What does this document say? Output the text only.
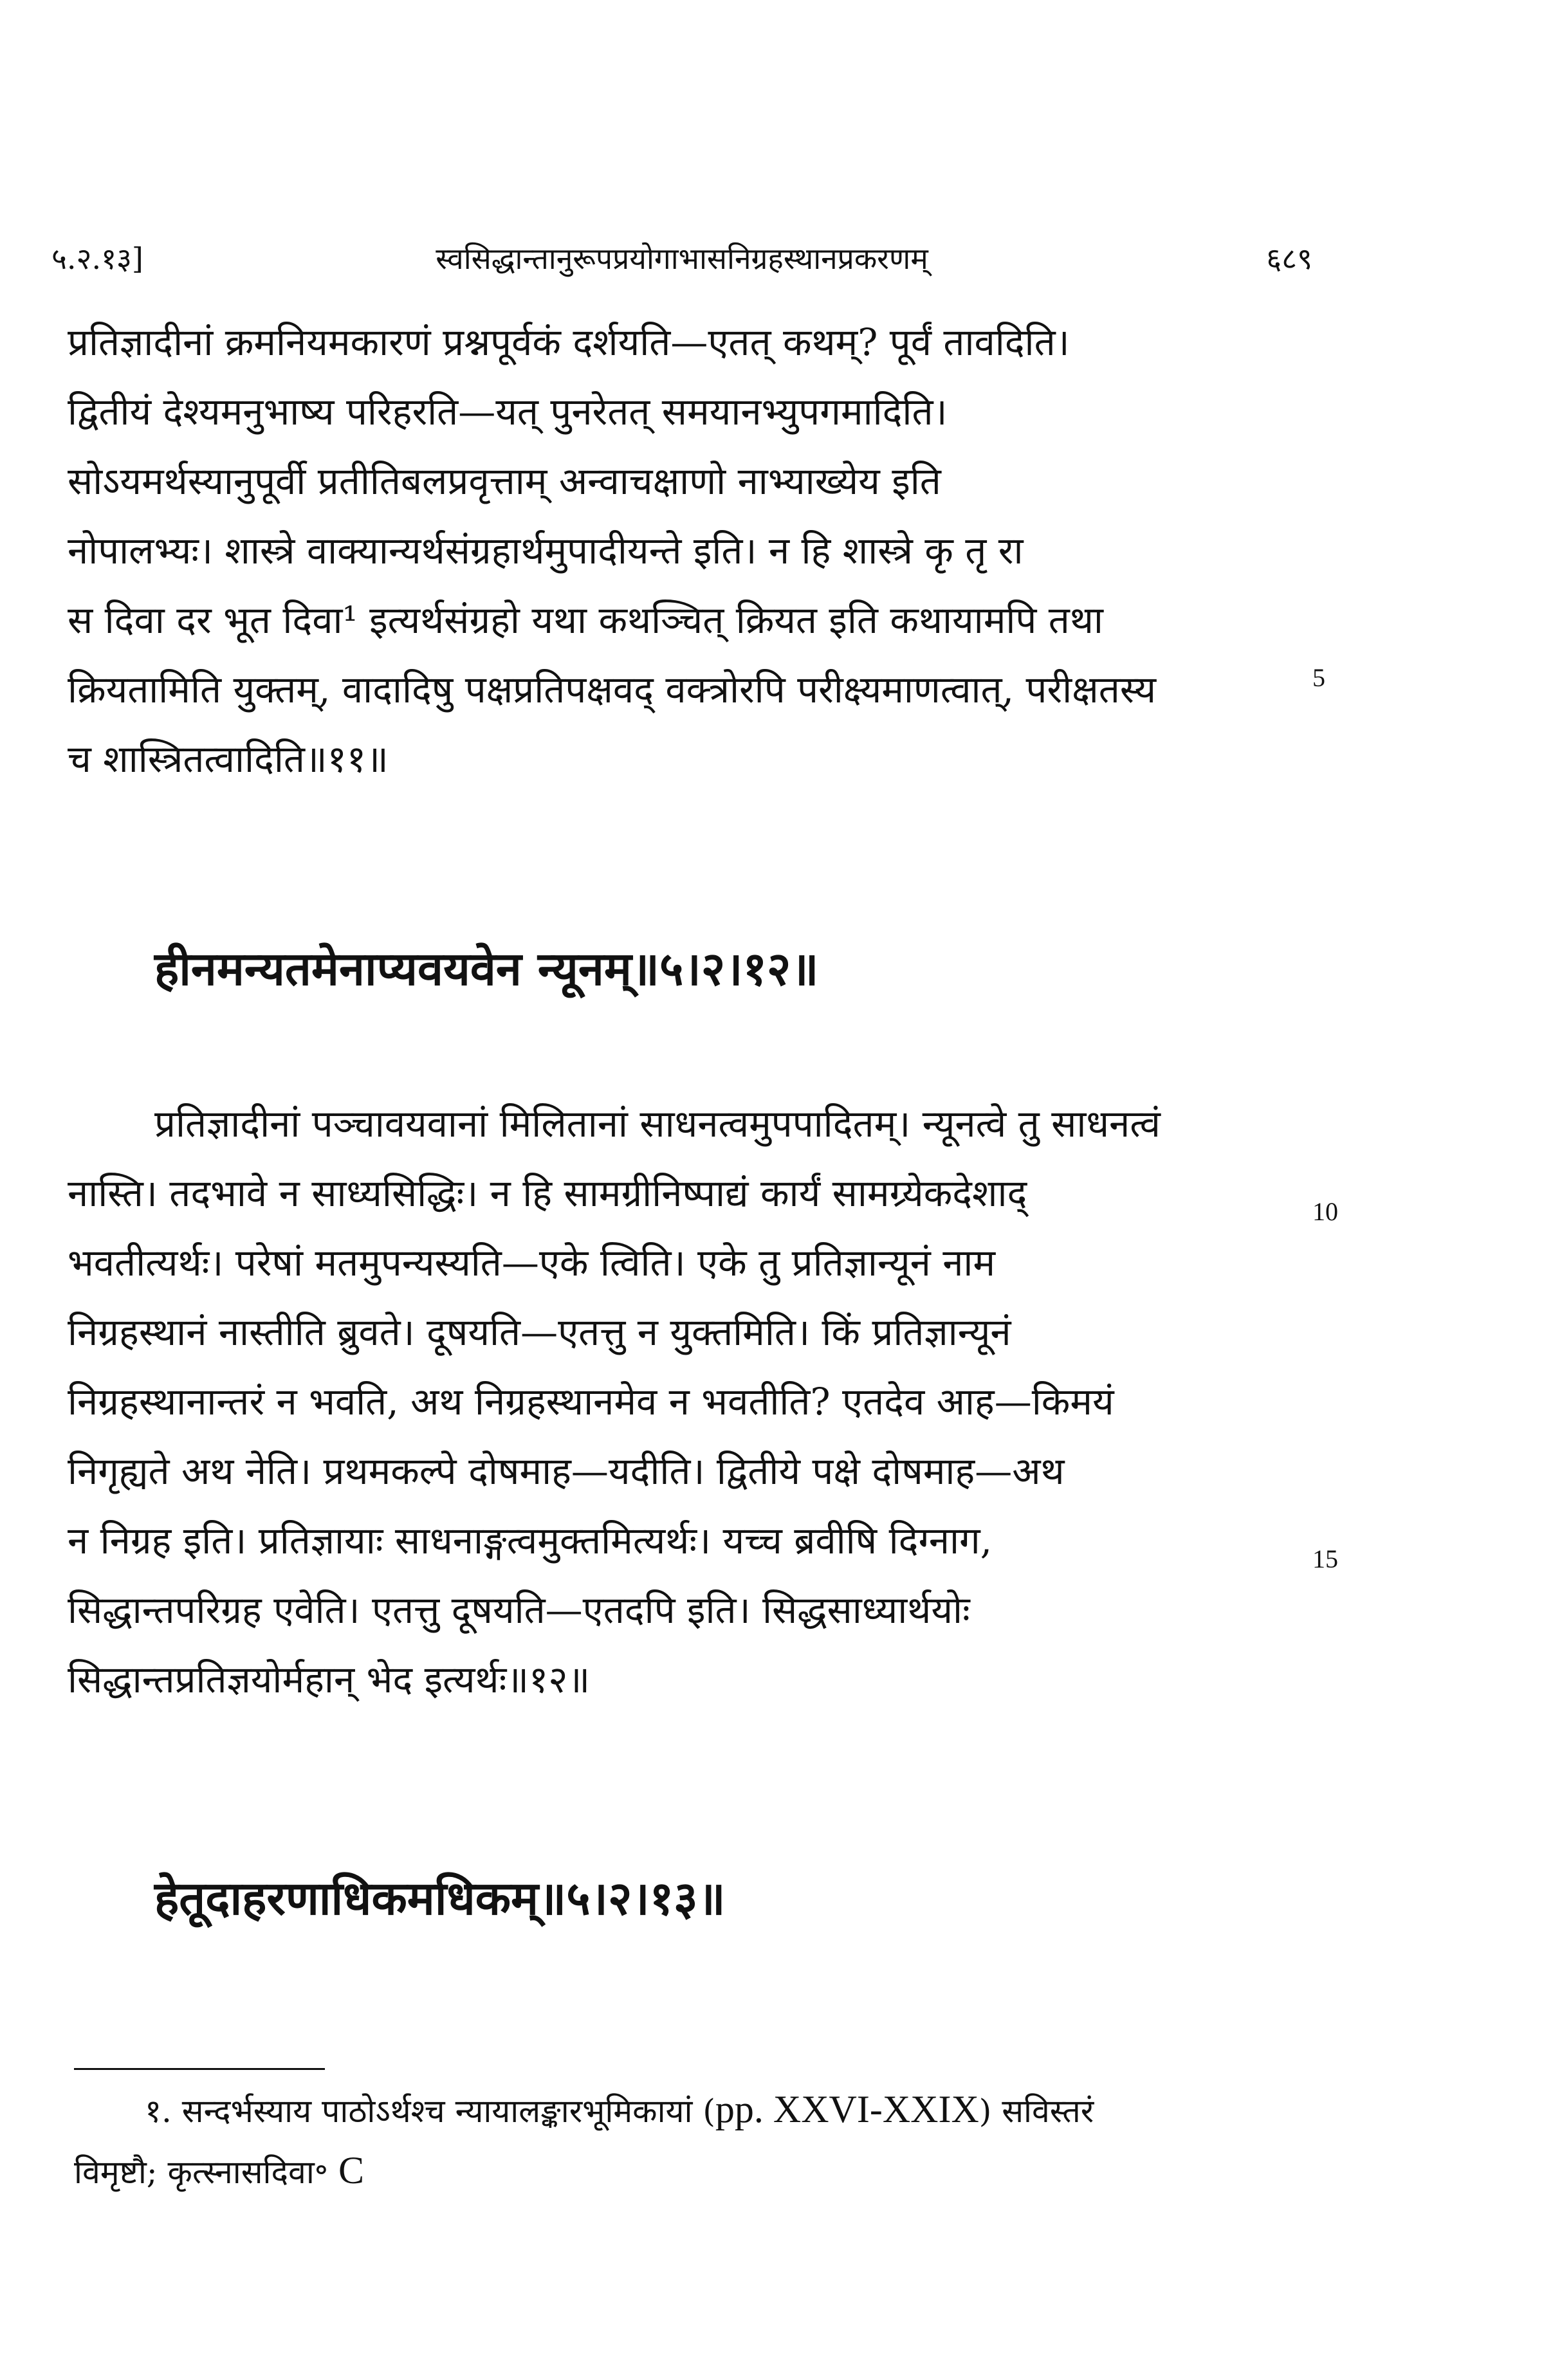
५.२.१३]	स्वसिद्धान्तानुरूपप्रयोगाभासनिग्रहस्थानप्रकरणम्	६८९
प्रतिज्ञादीनां क्रमनियमकारणं प्रश्नपूर्वकं दर्शयति—एतत् कथम्? पूर्वं तावदिति।
द्वितीयं देश्यमनुभाष्य परिहरति—यत् पुनरेतत् समयानभ्युपगमादिति।
सोऽयमर्थस्यानुपूर्वी प्रतीतिबलप्रवृत्ताम् अन्वाचक्षाणो नाभ्याख्येय इति
नोपालभ्यः। शास्त्रे वाक्यान्यर्थसंग्रहार्थमुपादीयन्ते इति। न हि शास्त्रे कृ तृ रा
स दिवा दर भूत दिवा¹ इत्यर्थसंग्रहो यथा कथञ्चित् क्रियत इति कथायामपि तथा
क्रियतामिति युक्तम्, वादादिषु पक्षप्रतिपक्षवद् वक्त्रोरपि परीक्ष्यमाणत्वात्, परीक्षतस्य
च शास्त्रितत्वादिति॥११॥
5
हीनमन्यतमेनाप्यवयवेन न्यूनम्॥५।२।१२॥
प्रतिज्ञादीनां पञ्चावयवानां मिलितानां साधनत्वमुपपादितम्। न्यूनत्वे तु साधनत्वं
नास्ति। तदभावे न साध्यसिद्धिः। न हि सामग्रीनिष्पाद्यं कार्यं सामग्र्येकदेशाद्
भवतीत्यर्थः। परेषां मतमुपन्यस्यति—एके त्विति। एके तु प्रतिज्ञान्यूनं नाम
निग्रहस्थानं नास्तीति ब्रुवते। दूषयति—एतत्तु न युक्तमिति। किं प्रतिज्ञान्यूनं
निग्रहस्थानान्तरं न भवति, अथ निग्रहस्थानमेव न भवतीति? एतदेव आह—किमयं
निगृह्यते अथ नेति। प्रथमकल्पे दोषमाह—यदीति। द्वितीये पक्षे दोषमाह—अथ
न निग्रह इति। प्रतिज्ञायाः साधनाङ्गत्वमुक्तमित्यर्थः। यच्च ब्रवीषि दिग्नाग,
सिद्धान्तपरिग्रह एवेति। एतत्तु दूषयति—एतदपि इति। सिद्धसाध्यार्थयोः
सिद्धान्तप्रतिज्ञयोर्महान् भेद इत्यर्थः॥१२॥
10
15
हेतूदाहरणाधिकमधिकम्॥५।२।१३॥
१. सन्दर्भस्याय पाठोऽर्थश्च न्यायालङ्कारभूमिकायां (pp. XXVI-XXIX) सविस्तरं
विमृष्टौ; कृत्स्नासदिवा॰ C
